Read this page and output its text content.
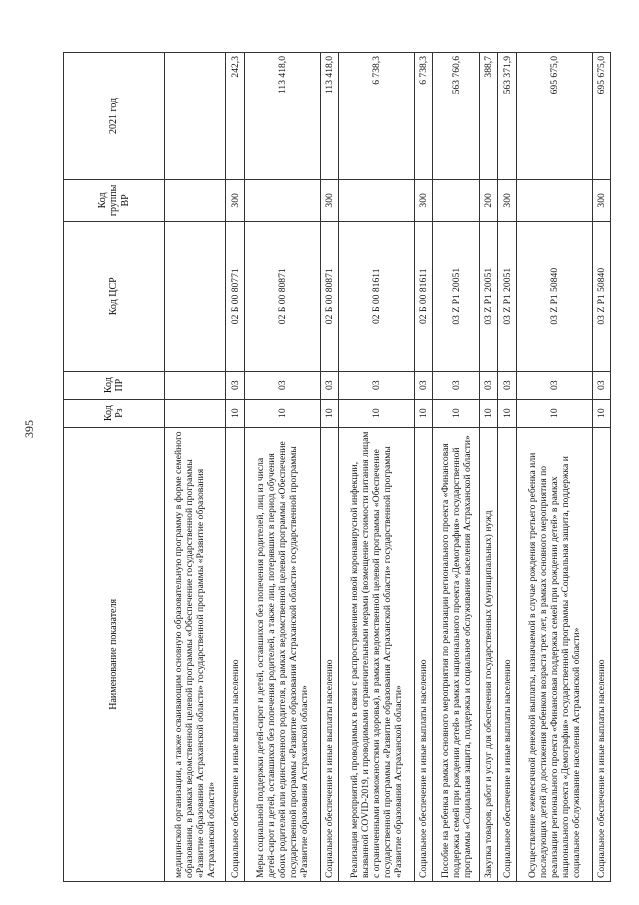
395
Наименование показателя	Код Рз	Код ПР	Код ЦСР	Код группы ВР	2021 год
медицинской организации, а также осваивающим основную образовательную программу в форме семейного образования, в рамках ведомственной целевой программы «Обеспечение государственной программы «Развитие образования Астраханской области» государственной программы «Развитие образования Астраханской области»					
Социальное обеспечение и иные выплаты населению	10	03	02 Б 00 80771	300	242,3
Меры социальной поддержки детей-сирот и детей, оставшихся без попечения родителей, лиц из числа детей-сирот и детей, оставшихся без попечения родителей, а также лиц, потерявших в период обучения обоих родителей или единственного родителя, в рамках ведомственной целевой программы «Обеспечение государственной программы «Развитие образования Астраханской области» государственной программы «Развитие образования Астраханской области»	10	03	02 Б 00 80871		113 418,0
Социальное обеспечение и иные выплаты населению	10	03	02 Б 00 80871	300	113 418,0
Реализация мероприятий, проводимых в связи с распространением новой коронавирусной инфекции, вызванной COVID-2019, и проводимыми ограничительными мерами (возмещение стоимости питания лицам с ограниченными возможностями здоровья), в рамках ведомственной целевой программы «Обеспечение государственной программы «Развитие образования Астраханской области» государственной программы «Развитие образования Астраханской области»	10	03	02 Б 00 81611		6 738,3
Социальное обеспечение и иные выплаты населению	10	03	02 Б 00 81611	300	6 738,3
Пособие на ребенка в рамках основного мероприятия по реализации регионального проекта «Финансовая поддержка семей при рождении детей» в рамках национального проекта «Демография» государственной программы «Социальная защита, поддержка и социальное обслуживание населения Астраханской области»	10	03	03 Z P1 20051		563 760,6
Закупка товаров, работ и услуг для обеспечения государственных (муниципальных) нужд	10	03	03 Z P1 20051	200	388,7
Социальное обеспечение и иные выплаты населению	10	03	03 Z P1 20051	300	563 371,9
Осуществление ежемесячной денежной выплаты, назначаемой в случае рождения третьего ребенка или последующих детей до достижения ребенком возраста трех лет, в рамках основного мероприятия по реализации регионального проекта «Финансовая поддержка семей при рождении детей» в рамках национального проекта «Демография» государственной программы «Социальная защита, поддержка и социальное обслуживание населения Астраханской области»	10	03	03 Z P1 50840		695 675,0
Социальное обеспечение и иные выплаты населению	10	03	03 Z P1 50840	300	695 675,0
